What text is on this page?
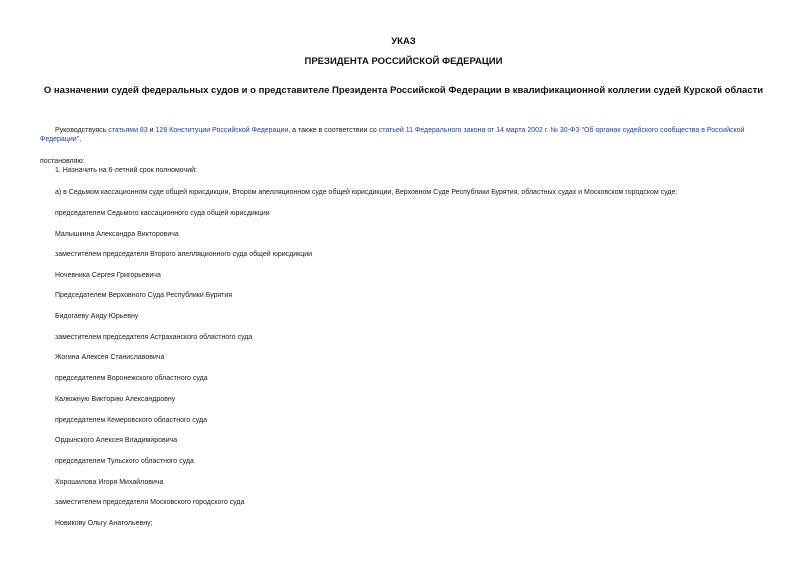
УКАЗ
ПРЕЗИДЕНТА РОССИЙСКОЙ ФЕДЕРАЦИИ
О назначении судей федеральных судов и о представителе Президента Российской Федерации в квалификационной коллегии судей Курской области
Руководствуясь статьями 83 и 128 Конституции Российской Федерации, а также в соответствии со статьей 11 Федерального закона от 14 марта 2002 г. № 30-ФЗ "Об органах судейского сообщества в Российской Федерации",
постановляю:
1. Назначить на 6-летний срок полномочий:
а) в Седьмом кассационном суде общей юрисдикции, Втором апелляционном суде общей юрисдикции, Верховном Суде Республики Бурятия, областных судах и Московском городском суде:
председателем Седьмого кассационного суда общей юрисдикции
Малышкина Александра Викторовича
заместителем председателя Второго апелляционного суда общей юрисдикции
Ночевника Сергея Григорьевича
Председателем Верховного Суда Республики Бурятия
Бидогаеву Аиду Юрьевну
заместителем председателя Астраханского областного суда
Жогина Алексея Станиславовича
председателем Воронежского областного суда
Калюжную Викторию Александровну
председателем Кемеровского областного суда
Ордынского Алексея Владимировича
председателем Тульского областного суда
Хорошилова Игоря Михайловича
заместителем председателя Московского городского суда
Новикову Ольгу Анатольевну;
